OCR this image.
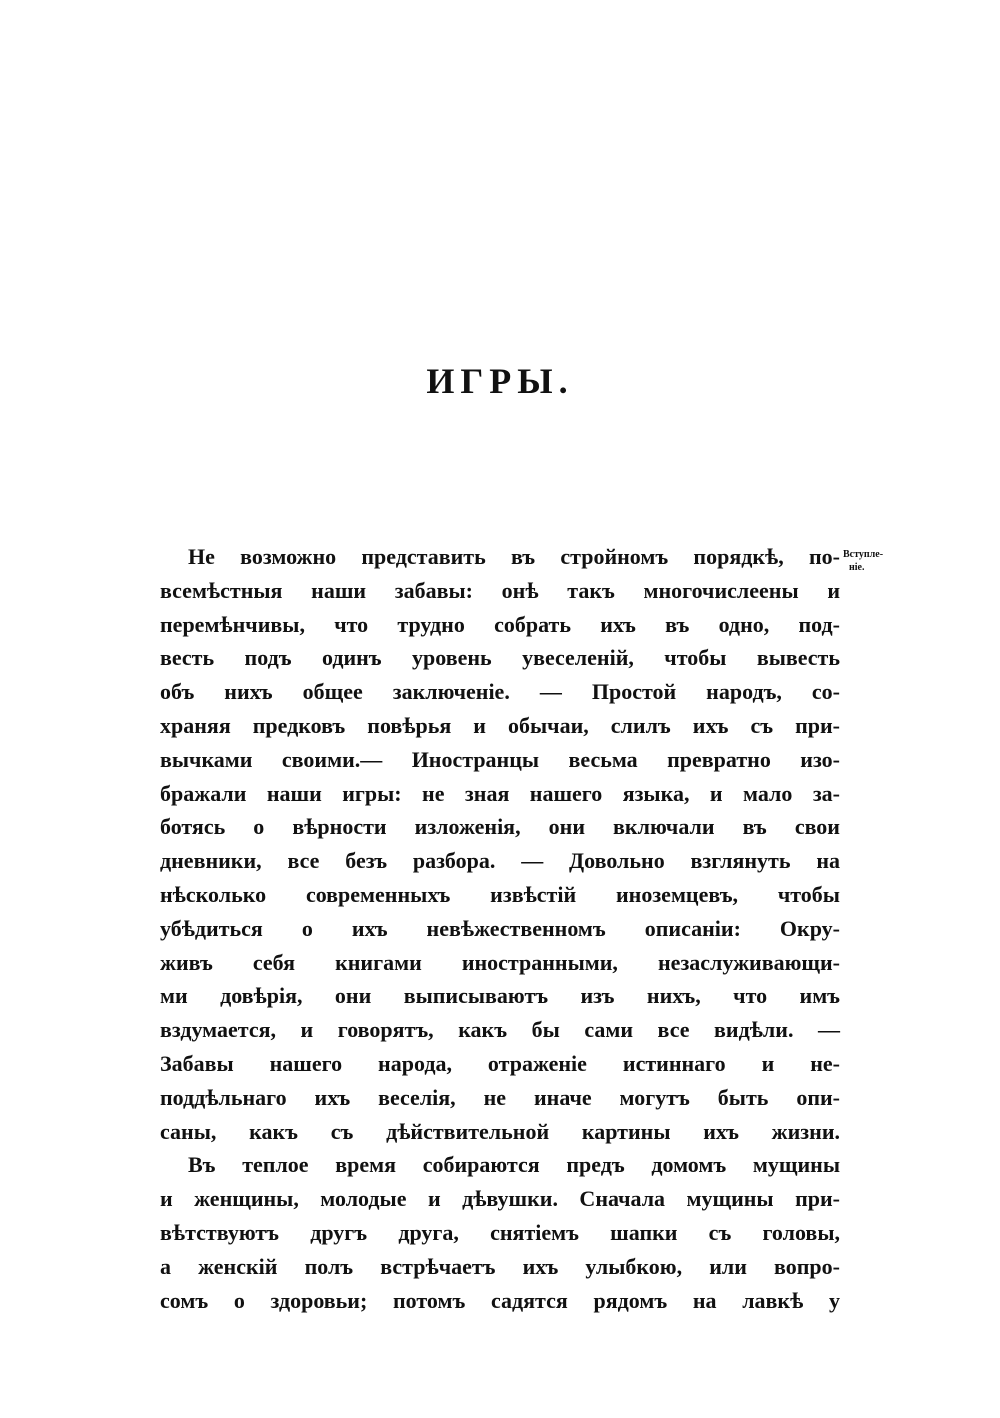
ИГРЫ.
Вступле-
ніе.
Не возможно представить въ стройномъ порядкѣ, по-
всемѣстныя наши забавы: онѣ такъ многочислеены и
перемѣнчивы, что трудно собрать ихъ въ одно, под-
весть подъ одинъ уровень увеселеній, чтобы вывесть
объ нихъ общее заключеніе. — Простой народъ, со-
храняя предковъ повѣрья и обычаи, слилъ ихъ съ при-
вычками своими.— Иностранцы весьма превратно изо-
бражали наши игры: не зная нашего языка, и мало за-
ботясь о вѣрности изложенія, они включали въ свои
дневники, все безъ разбора. — Довольно взглянуть на
нѣсколько современныхъ извѣстій иноземцевъ, чтобы
убѣдиться о ихъ невѣжественномъ описаніи: Окру-
живъ себя книгами иностранными, незаслуживающи-
ми довѣрія, они выписываютъ изъ нихъ, что имъ
вздумается, и говорятъ, какъ бы сами все видѣли. —
Забавы нашего народа, отраженіе истиннаго и не-
поддѣльнаго ихъ веселія, не иначе могутъ быть опи-
саны, какъ съ дѣйствительной картины ихъ жизни.
Въ теплое время собираются предъ домомъ мущины
и женщины, молодые и дѣвушки. Сначала мущины при-
вѣтствуютъ другъ друга, снятіемъ шапки съ головы,
а женскій полъ встрѣчаетъ ихъ улыбкою, или вопро-
сомъ о здоровьи; потомъ садятся рядомъ на лавкѣ у
